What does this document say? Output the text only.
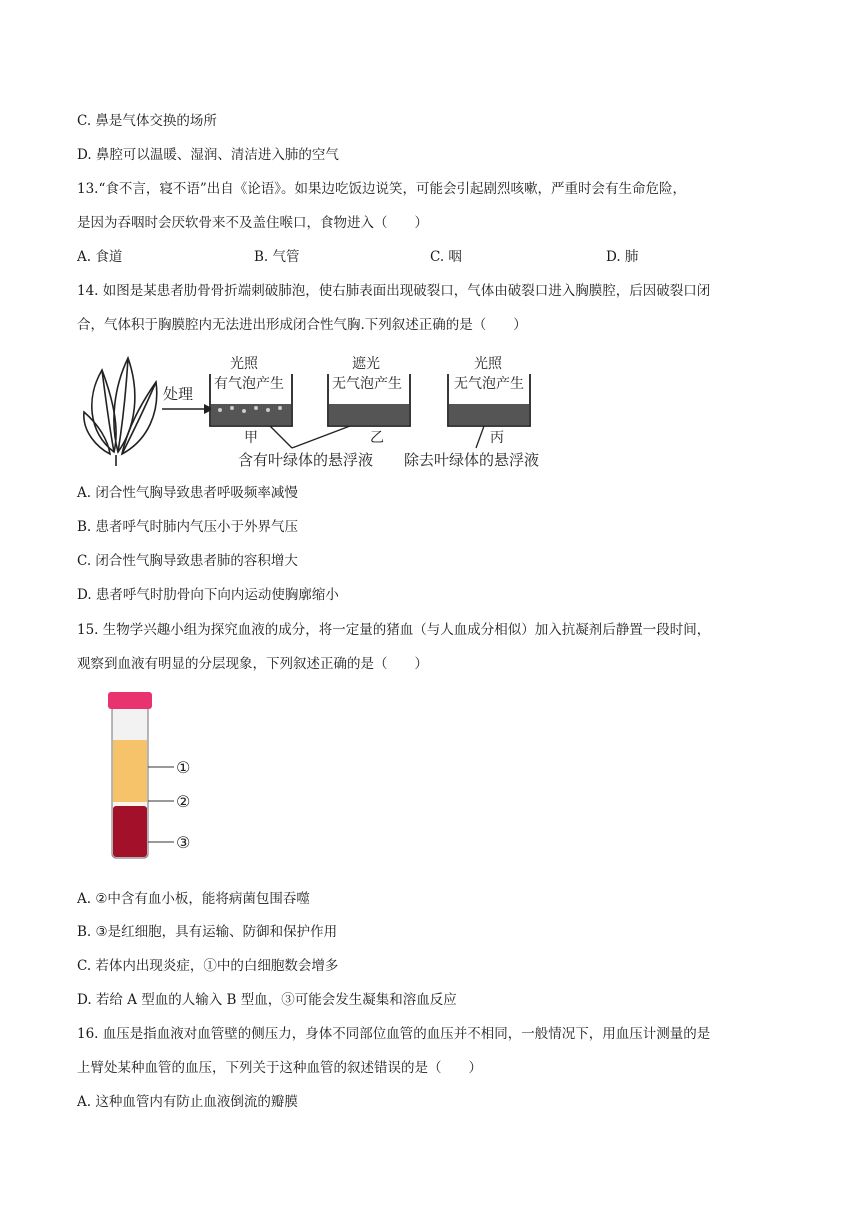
C. 鼻是气体交换的场所
D. 鼻腔可以温暖、湿润、清洁进入肺的空气
13.“食不言，寝不语”出自《论语》。如果边吃饭边说笑，可能会引起剧烈咳嗽，严重时会有生命危险，
是因为吞咽时会厌软骨来不及盖住喉口，食物进入（　　）
A. 食道	B. 气管	C. 咽	D. 肺
14. 如图是某患者肋骨骨折端刺破肺泡，使右肺表面出现破裂口，气体由破裂口进入胸膜腔，后因破裂口闭
合，气体积于胸膜腔内无法进出形成闭合性气胸.下列叙述正确的是（　　）
处理
光照
有气泡产生
甲
遮光
无气泡产生
乙
光照
无气泡产生
丙
含有叶绿体的悬浮液 除去叶绿体的悬浮液
A. 闭合性气胸导致患者呼吸频率减慢
B. 患者呼气时肺内气压小于外界气压
C. 闭合性气胸导致患者肺的容积增大
D. 患者呼气时肋骨向下向内运动使胸廓缩小
15. 生物学兴趣小组为探究血液的成分，将一定量的猪血（与人血成分相似）加入抗凝剂后静置一段时间，
观察到血液有明显的分层现象，下列叙述正确的是（　　）
①
②
③
A. ②中含有血小板，能将病菌包围吞噬
B. ③是红细胞，具有运输、防御和保护作用
C. 若体内出现炎症，①中的白细胞数会增多
D. 若给 A 型血的人输入 B 型血，③可能会发生凝集和溶血反应
16. 血压是指血液对血管壁的侧压力，身体不同部位血管的血压并不相同，一般情况下，用血压计测量的是
上臂处某种血管的血压，下列关于这种血管的叙述错误的是（　　）
A. 这种血管内有防止血液倒流的瓣膜
